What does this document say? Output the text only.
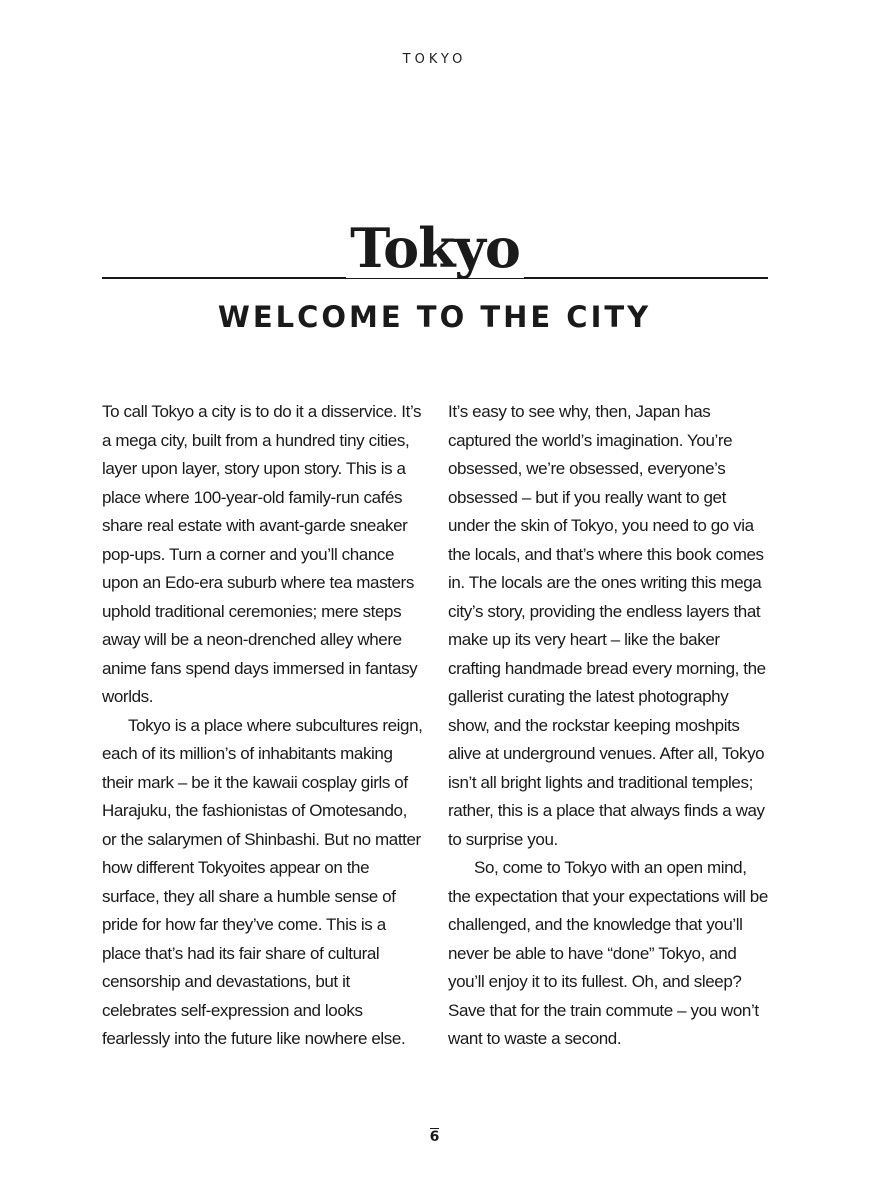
TOKYO
Tokyo
WELCOME TO THE CITY

To call Tokyo a city is to do it a disservice. It’s a mega city, built from a hundred tiny cities, layer upon layer, story upon story. This is a place where 100-year-old family-run cafés share real estate with avant-garde sneaker pop-ups. Turn a corner and you’ll chance upon an Edo-era suburb where tea masters uphold traditional ceremonies; mere steps away will be a neon-drenched alley where anime fans spend days immersed in fantasy worlds.

Tokyo is a place where subcultures reign, each of its million’s of inhabitants making their mark – be it the kawaii cosplay girls of Harajuku, the fashionistas of Omotesando, or the salarymen of Shinbashi. But no matter how different Tokyoites appear on the surface, they all share a humble sense of pride for how far they’ve come. This is a place that’s had its fair share of cultural censorship and devastations, but it celebrates self-expression and looks fearlessly into the future like nowhere else.

It’s easy to see why, then, Japan has captured the world’s imagination. You’re obsessed, we’re obsessed, everyone’s obsessed – but if you really want to get under the skin of Tokyo, you need to go via the locals, and that’s where this book comes in. The locals are the ones writing this mega city’s story, providing the endless layers that make up its very heart – like the baker crafting handmade bread every morning, the gallerist curating the latest photography show, and the rockstar keeping moshpits alive at underground venues. After all, Tokyo isn’t all bright lights and traditional temples; rather, this is a place that always finds a way to surprise you.

So, come to Tokyo with an open mind, the expectation that your expectations will be challenged, and the knowledge that you’ll never be able to have “done” Tokyo, and you’ll enjoy it to its fullest. Oh, and sleep? Save that for the train commute – you won’t want to waste a second.

6
